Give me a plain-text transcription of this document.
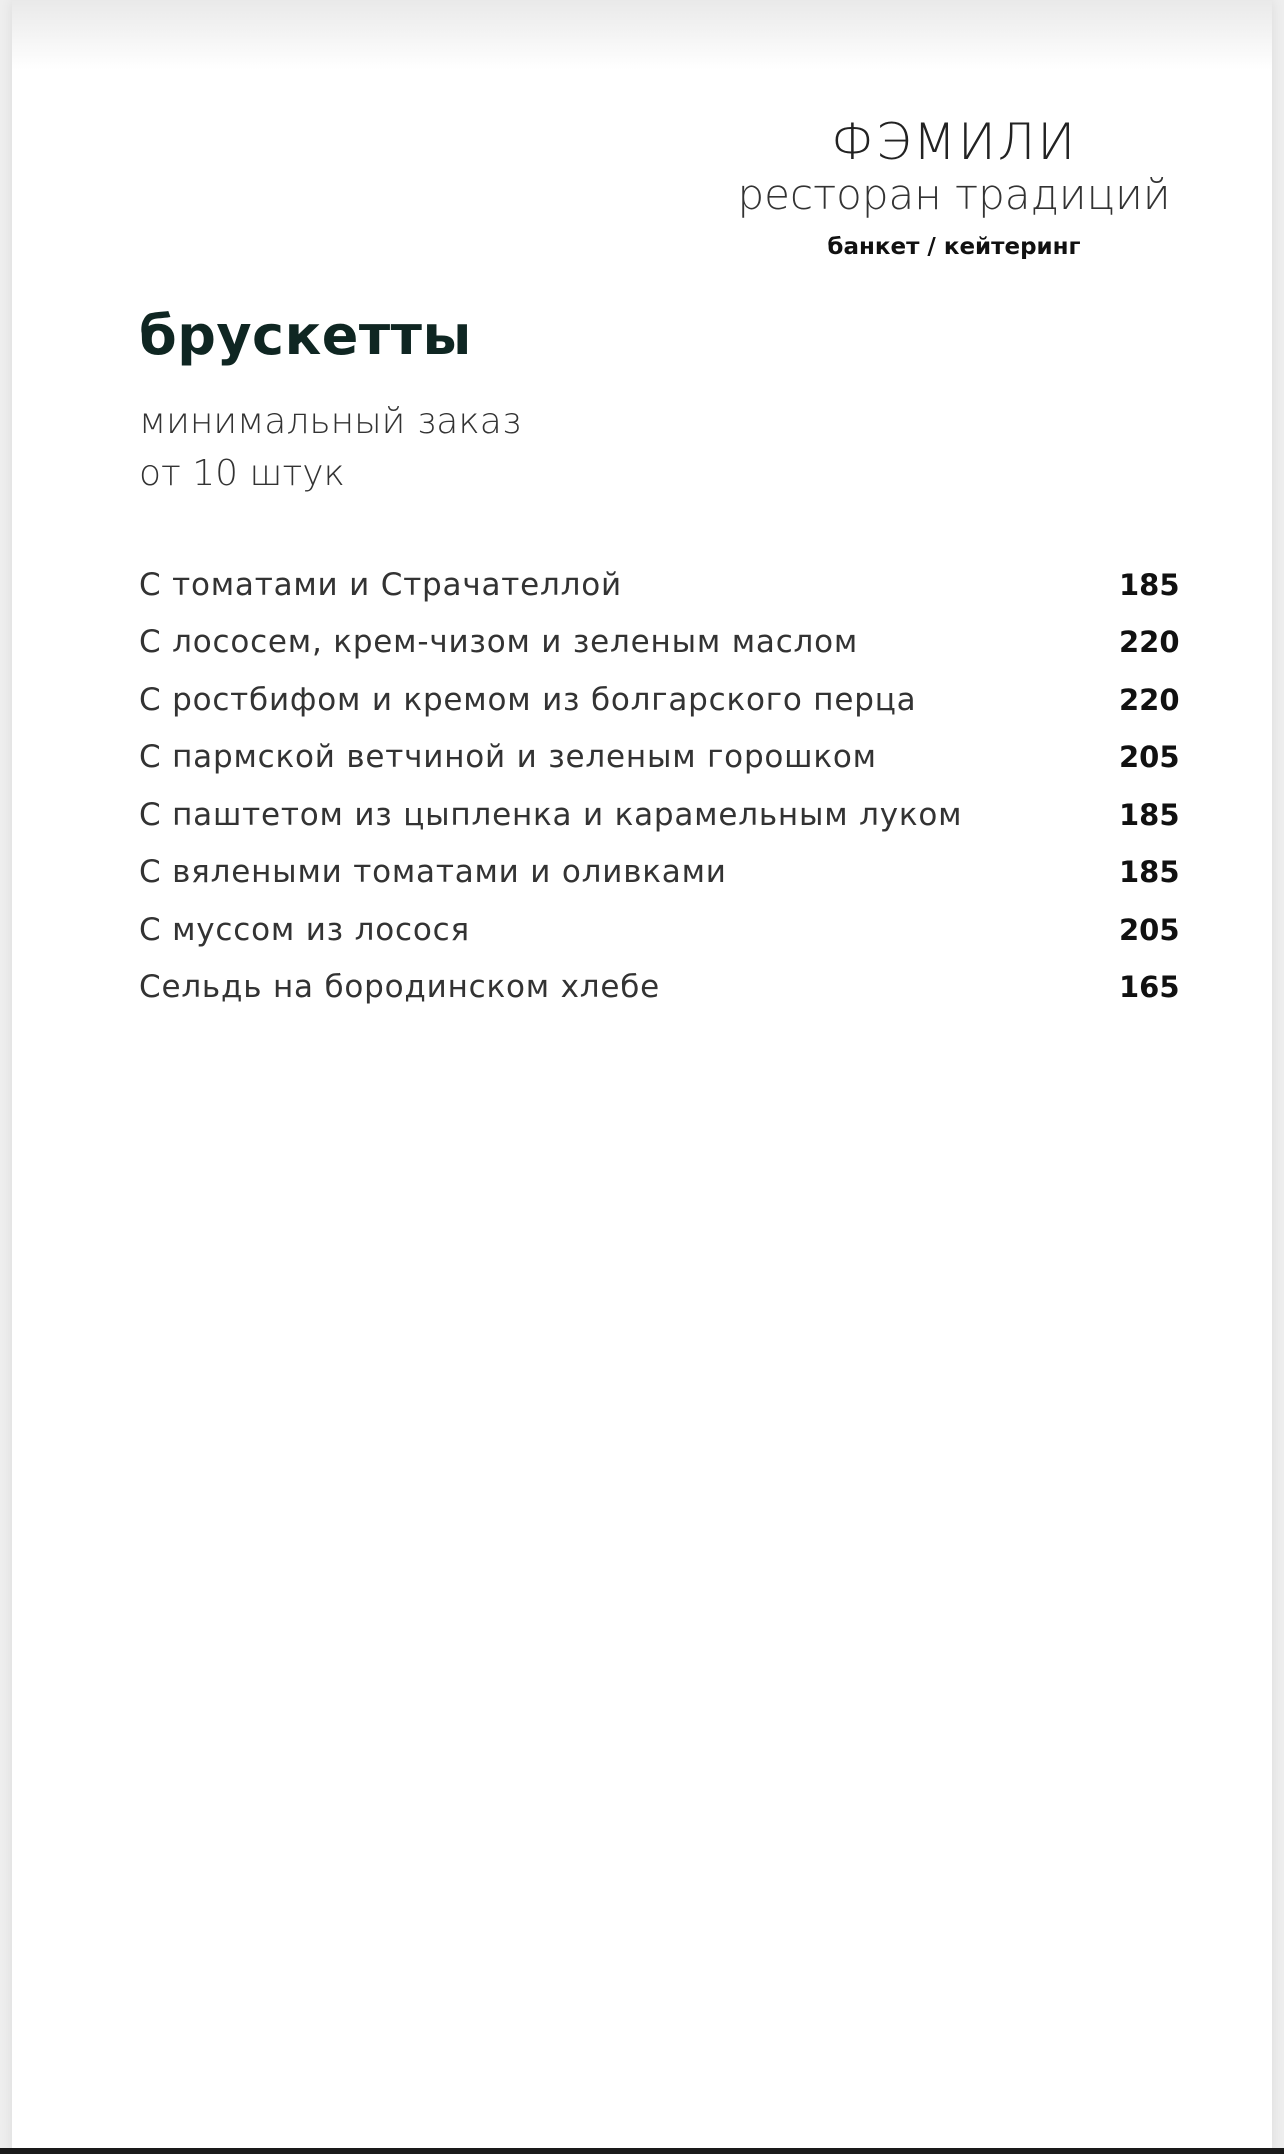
ФЭМИЛИ
ресторан традиций
банкет / кейтеринг
брускетты
минимальный заказ
от 10 штук
С томатами и Страчателлой	185
С лососем, крем-чизом и зеленым маслом	220
С ростбифом и кремом из болгарского перца	220
С пармской ветчиной и зеленым горошком	205
С паштетом из цыпленка и карамельным луком	185
С вялеными томатами и оливками	185
С муссом из лосося	205
Сельдь на бородинском хлебе	165
